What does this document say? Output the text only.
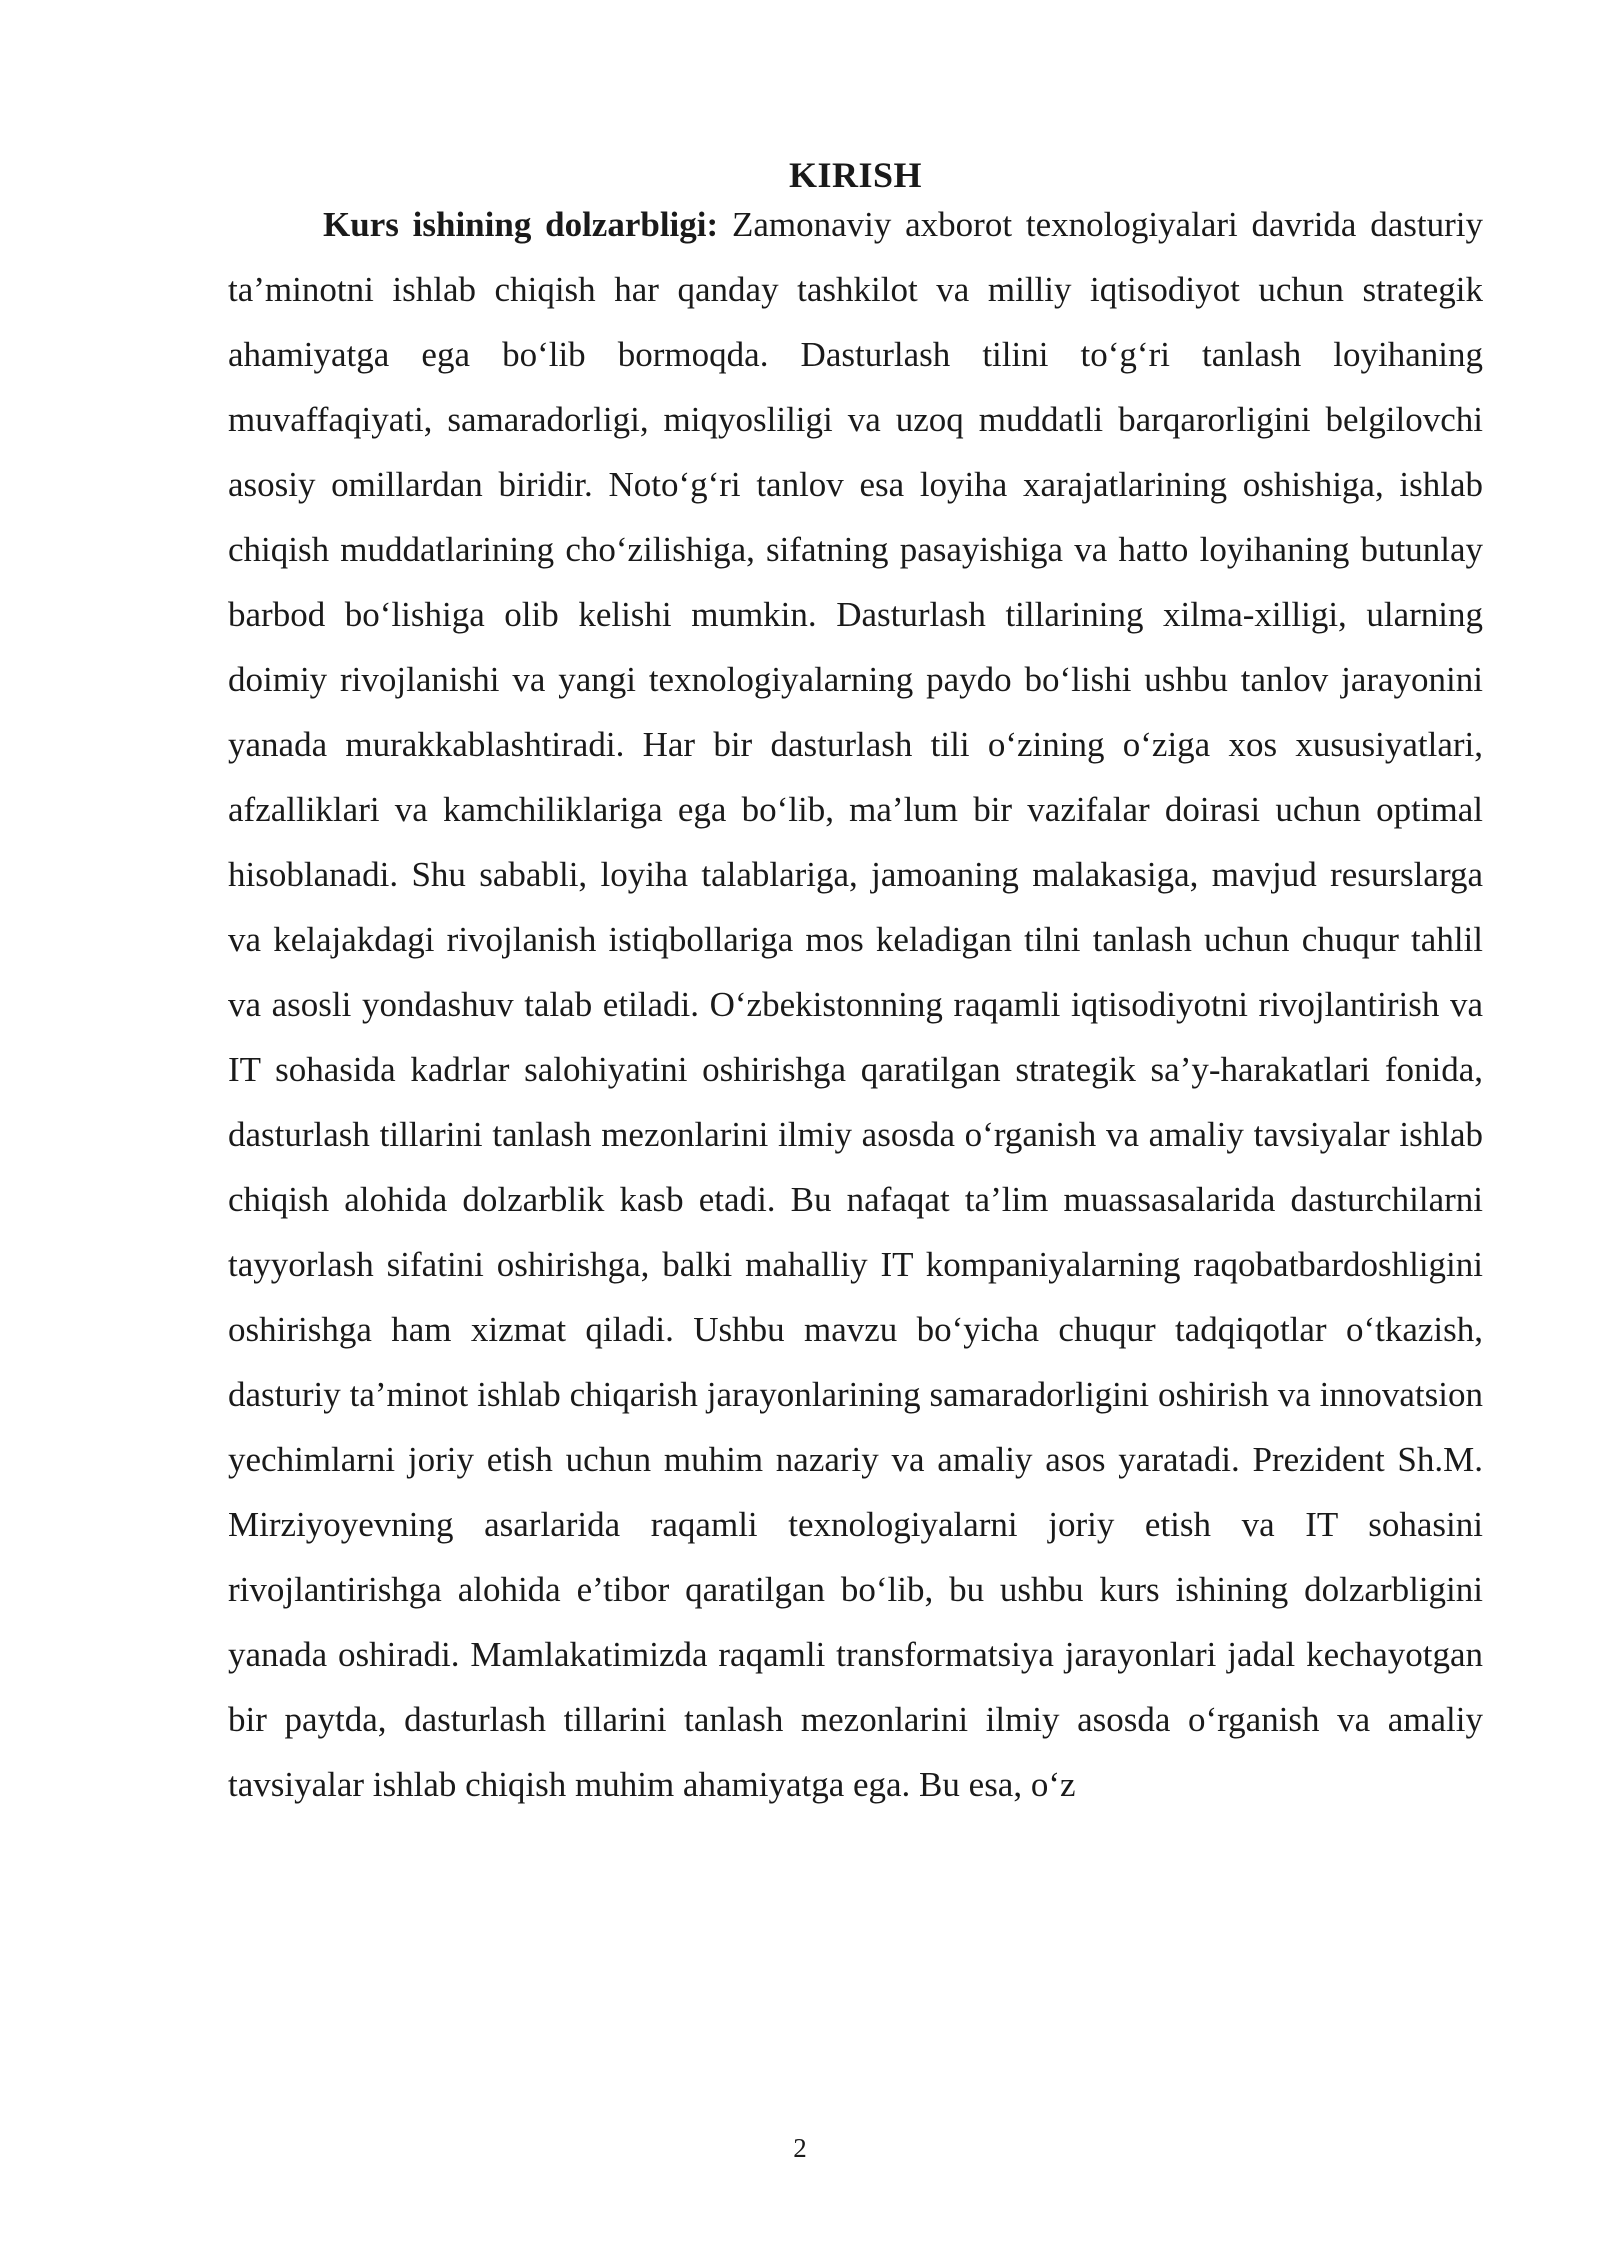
KIRISH

Kurs ishining dolzarbligi: Zamonaviy axborot texnologiyalari davrida dasturiy ta’minotni ishlab chiqish har qanday tashkilot va milliy iqtisodiyot uchun strategik ahamiyatga ega bo‘lib bormoqda. Dasturlash tilini to‘g‘ri tanlash loyihaning muvaffaqiyati, samaradorligi, miqyosliligi va uzoq muddatli barqarorligini belgilovchi asosiy omillardan biridir. Noto‘g‘ri tanlov esa loyiha xarajatlarining oshishiga, ishlab chiqish muddatlarining cho‘zilishiga, sifatning pasayishiga va hatto loyihaning butunlay barbod bo‘lishiga olib kelishi mumkin. Dasturlash tillarining xilma-xilligi, ularning doimiy rivojlanishi va yangi texnologiyalarning paydo bo‘lishi ushbu tanlov jarayonini yanada murakkablashtiradi. Har bir dasturlash tili o‘zining o‘ziga xos xususiyatlari, afzalliklari va kamchiliklariga ega bo‘lib, ma’lum bir vazifalar doirasi uchun optimal hisoblanadi. Shu sababli, loyiha talablariga, jamoaning malakasiga, mavjud resurslarga va kelajakdagi rivojlanish istiqbollariga mos keladigan tilni tanlash uchun chuqur tahlil va asosli yondashuv talab etiladi. O‘zbekistonning raqamli iqtisodiyotni rivojlantirish va IT sohasida kadrlar salohiyatini oshirishga qaratilgan strategik sa’y-harakatlari fonida, dasturlash tillarini tanlash mezonlarini ilmiy asosda o‘rganish va amaliy tavsiyalar ishlab chiqish alohida dolzarblik kasb etadi. Bu nafaqat ta’lim muassasalarida dasturchilarni tayyorlash sifatini oshirishga, balki mahalliy IT kompaniyalarning raqobatbardoshligini oshirishga ham xizmat qiladi. Ushbu mavzu bo‘yicha chuqur tadqiqotlar o‘tkazish, dasturiy ta’minot ishlab chiqarish jarayonlarining samaradorligini oshirish va innovatsion yechimlarni joriy etish uchun muhim nazariy va amaliy asos yaratadi. Prezident Sh.M. Mirziyoyevning asarlarida raqamli texnologiyalarni joriy etish va IT sohasini rivojlantirishga alohida e’tibor qaratilgan bo‘lib, bu ushbu kurs ishining dolzarbligini yanada oshiradi. Mamlakatimizda raqamli transformatsiya jarayonlari jadal kechayotgan bir paytda, dasturlash tillarini tanlash mezonlarini ilmiy asosda o‘rganish va amaliy tavsiyalar ishlab chiqish muhim ahamiyatga ega. Bu esa, o‘z

2
